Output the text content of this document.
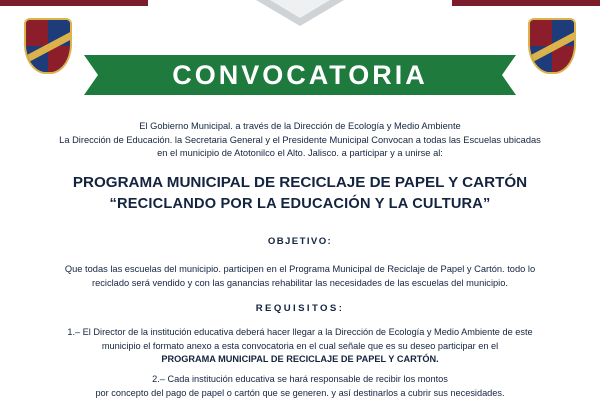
CONVOCATORIA
El Gobierno Municipal. a través de la Dirección de Ecología y Medio Ambiente
La Dirección de Educación. la Secretaria General y el Presidente Municipal Convocan a todas las Escuelas ubicadas
en el municipio de Atotonilco el Alto. Jalisco. a participar y a unirse al:
PROGRAMA MUNICIPAL DE RECICLAJE DE PAPEL Y CARTÓN
“RECICLANDO POR LA EDUCACIÓN Y LA CULTURA”
OBJETIVO:
Que todas las escuelas del municipio. participen en el Programa Municipal de Reciclaje de Papel y Cartón. todo lo
reciclado será vendido y con las ganancias rehabilitar las necesidades de las escuelas del municipio.
REQUISITOS:
1.– El Director de la institución educativa deberá hacer llegar a la Dirección de Ecología y Medio Ambiente de este
municipio el formato anexo a esta convocatoria en el cual señale que es su deseo participar en el
PROGRAMA MUNICIPAL DE RECICLAJE DE PAPEL Y CARTÓN.
2.– Cada institución educativa se hará responsable de recibir los montos
por concepto del pago de papel o cartón que se generen. y así destinarlos a cubrir sus necesidades.
